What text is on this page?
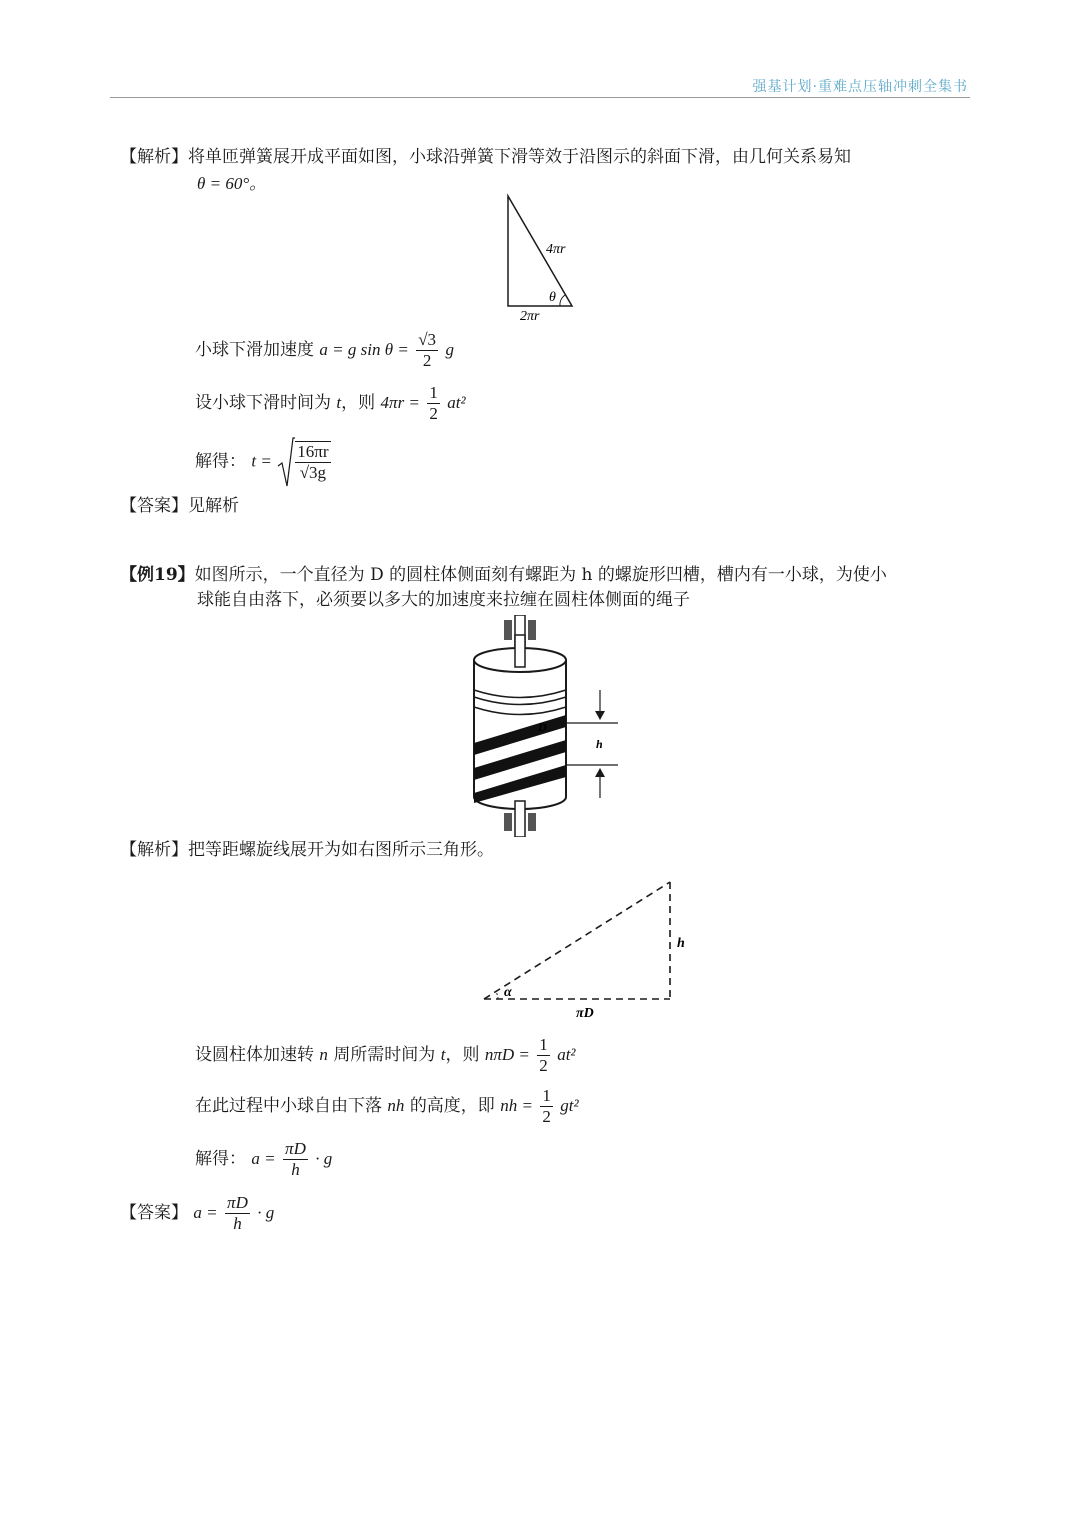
强基计划·重难点压轴冲刺全集书
【解析】将单匝弹簧展开成平面如图，小球沿弹簧下滑等效于沿图示的斜面下滑，由几何关系易知
θ = 60°。
4πr
θ
2πr
小球下滑加速度 a = g $\sin \theta = \frac{√3}{2}$ g
设小球下滑时间为 t，则 $4\pi r = \frac{1}{2} at^2$
解得： $t = \frac{16\pi r}{√3g}$
【答案】见解析
【例19】如图所示，一个直径为 D 的圆柱体侧面刻有螺距为 h 的螺旋形凹槽，槽内有一小球，为使小
球能自由落下，必须要以多大的加速度来拉缠在圆柱体侧面的绳子
D
h
【解析】把等距螺旋线展开为如右图所示三角形。
α
h
πD
设圆柱体加速转 n 周所需时间为 t，则 $n\pi D = \frac{1}{2} at^2$
在此过程中小球自由下落 nh 的高度，即 nh = $\frac{1}{2} gt^2$
解得： $a = \frac{\pi D}{h} \cdot g$
【答案】 $a = \frac{\pi D}{h} \cdot g$
